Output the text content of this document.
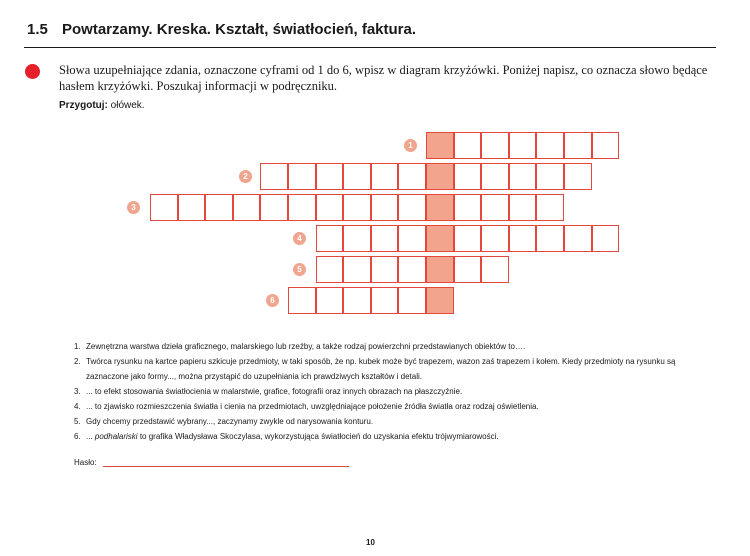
1.5 Powtarzamy. Kreska. Kształt, światłocień, faktura.
Słowa uzupełniające zdania, oznaczone cyframi od 1 do 6, wpisz w diagram krzyżówki. Poniżej napisz, co oznacza słowo będące hasłem krzyżówki. Poszukaj informacji w podręczniku.
Przygotuj: ołówek.
1
2
3
4
5
6
1. Zewnętrzna warstwa dzieła graficznego, malarskiego lub rzeźby, a także rodzaj powierzchni przedstawianych obiektów to….
2. Twórca rysunku na kartce papieru szkicuje przedmioty, w taki sposób, że np. kubek może być trapezem, wazon zaś trapezem i kołem. Kiedy przedmioty na rysunku są zaznaczone jako formy..., można przystąpić do uzupełniania ich prawdziwych kształtów i detali.
3. ... to efekt stosowania światłocienia w malarstwie, grafice, fotografii oraz innych obrazach na płaszczyźnie.
4. ... to zjawisko rozmieszczenia światła i cienia na przedmiotach, uwzględniające położenie źródła światła oraz rodzaj oświetlenia.
5. Gdy chcemy przedstawić wybrany..., zaczynamy zwykle od narysowania konturu.
6. ... podhalariski to grafika Władysława Skoczylasa, wykorzystująca światłocień do uzyskania efektu trójwymiarowości.
Hasło:
10
